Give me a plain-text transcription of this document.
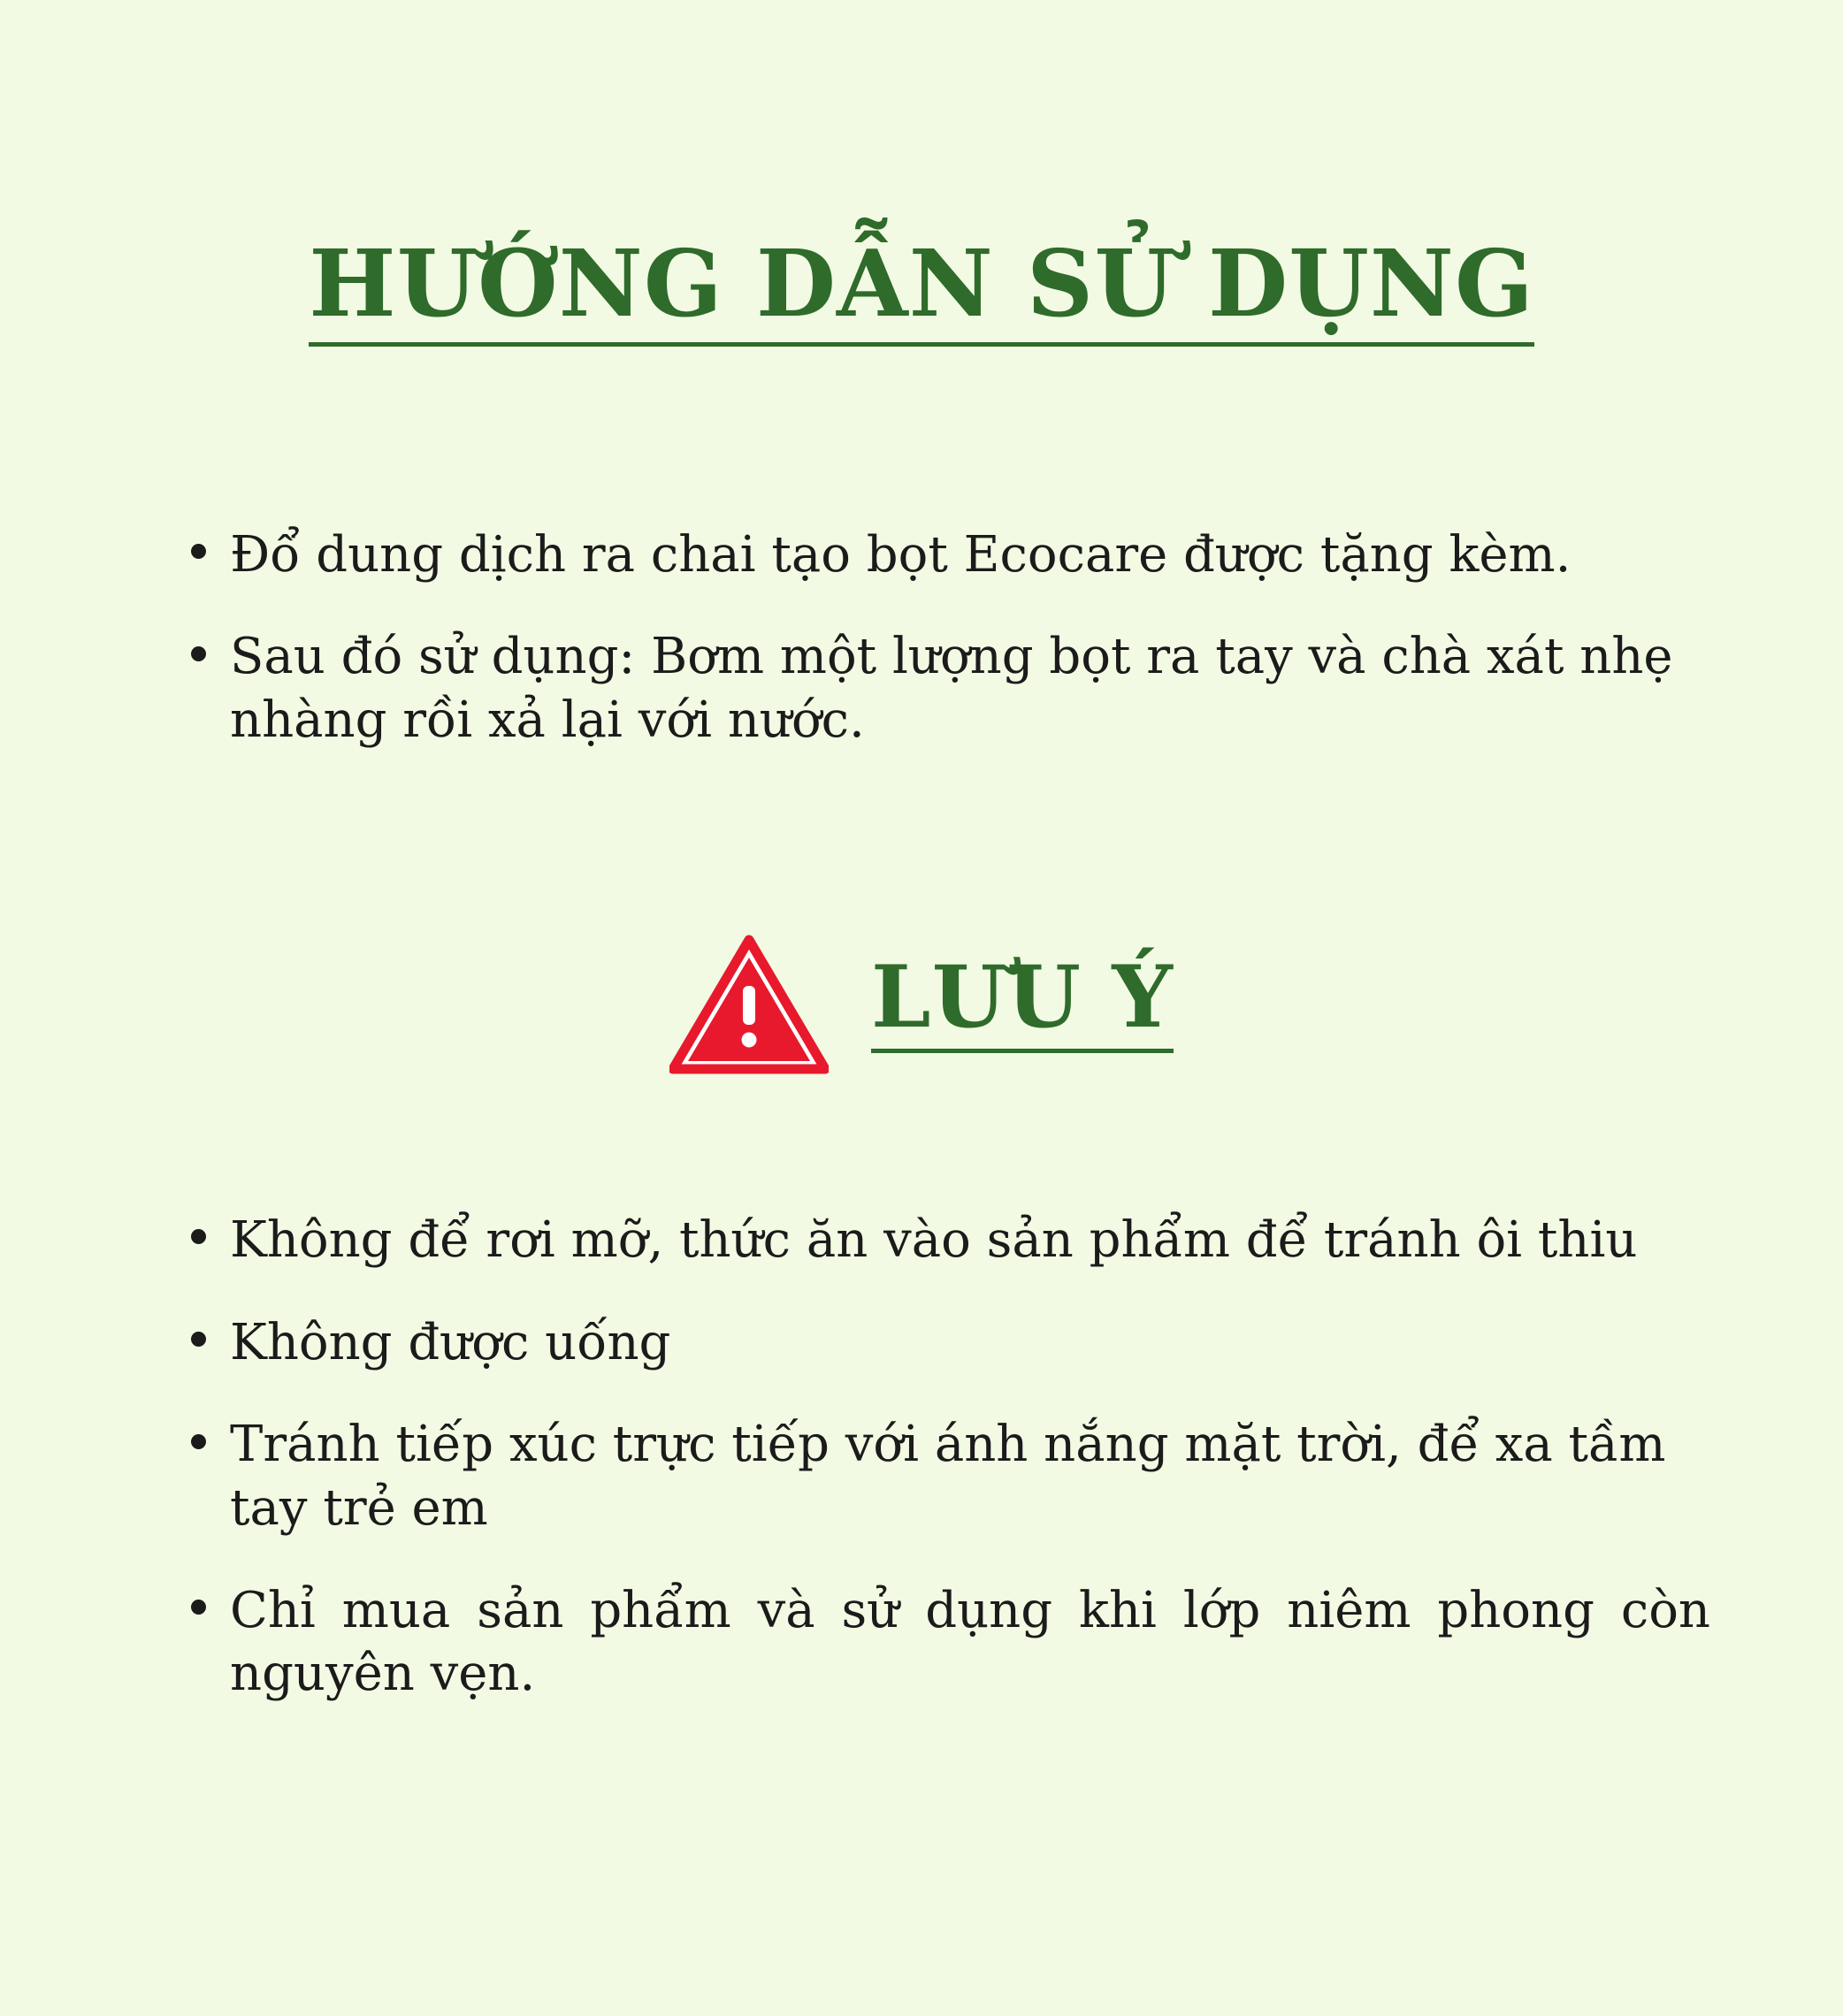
HƯỚNG DẪN SỬ DỤNG
Đổ dung dịch ra chai tạo bọt Ecocare được tặng kèm.
Sau đó sử dụng: Bơm một lượng bọt ra tay và chà xát nhẹ nhàng rồi xả lại với nước.
LƯU Ý
Không để rơi mỡ, thức ăn vào sản phẩm để tránh ôi thiu
Không được uống
Tránh tiếp xúc trực tiếp với ánh nắng mặt trời, để xa tầm tay trẻ em
Chỉ mua sản phẩm và sử dụng khi lớp niêm phong còn nguyên vẹn.
